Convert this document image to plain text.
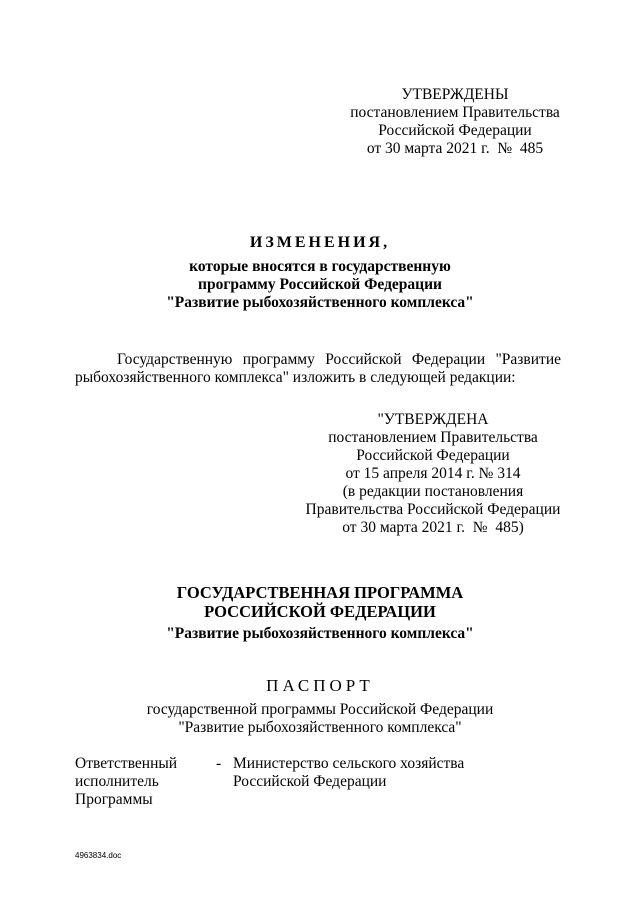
УТВЕРЖДЕНЫ
постановлением Правительства
Российской Федерации
от 30 марта 2021 г.  №  485
ИЗМЕНЕНИЯ,
которые вносятся в государственную
программу Российской Федерации
"Развитие рыбохозяйственного комплекса"
Государственную программу Российской Федерации "Развитие
рыбохозяйственного комплекса" изложить в следующей редакции:
"УТВЕРЖДЕНА
постановлением Правительства
Российской Федерации
от 15 апреля 2014 г. № 314
(в редакции постановления
Правительства Российской Федерации
от 30 марта 2021 г.  №  485)
ГОСУДАРСТВЕННАЯ ПРОГРАММА
РОССИЙСКОЙ ФЕДЕРАЦИИ
"Развитие рыбохозяйственного комплекса"
ПАСПОРТ
государственной программы Российской Федерации
"Развитие рыбохозяйственного комплекса"
Ответственный
исполнитель
Программы
- Министерство сельского хозяйства
Российской Федерации
4963834.doc
